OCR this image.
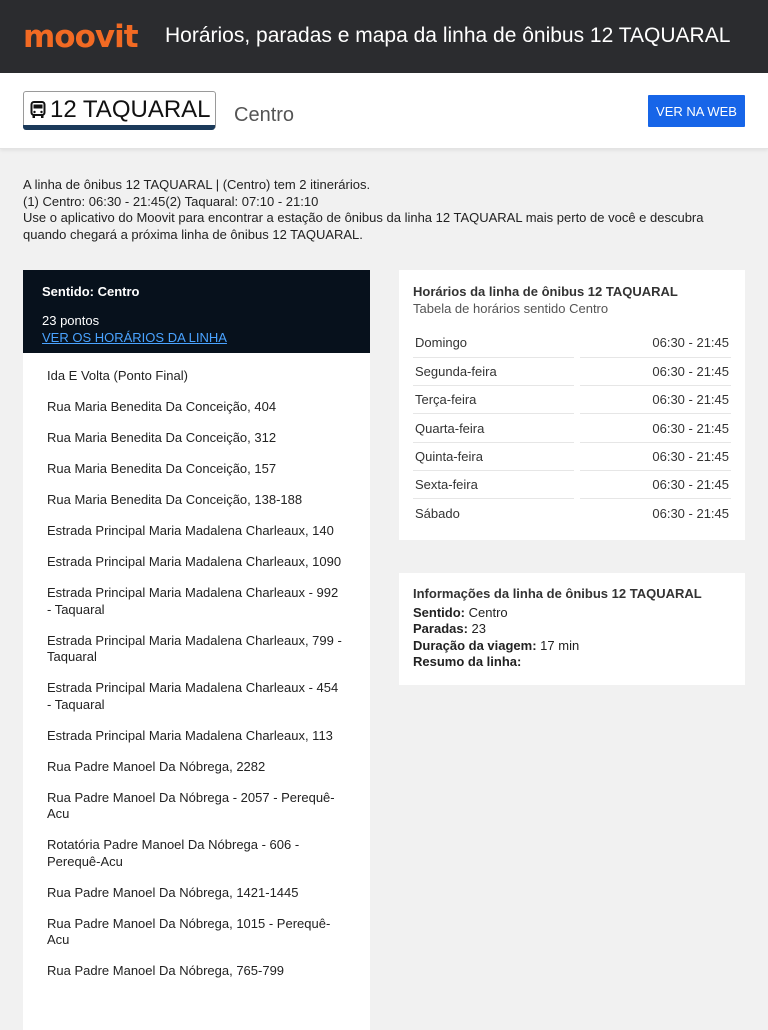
moovit Horários, paradas e mapa da linha de ônibus 12 TAQUARAL
12 TAQUARAL Centro	VER NA WEB

A linha de ônibus 12 TAQUARAL | (Centro) tem 2 itinerários.

(1) Centro: 06:30 - 21:45(2) Taquaral: 07:10 - 21:10

Use o aplicativo do Moovit para encontrar a estação de ônibus da linha 12 TAQUARAL mais perto de você e descubra quando chegará a próxima linha de ônibus 12 TAQUARAL.

Sentido: Centro
23 pontos
VER OS HORÁRIOS DA LINHA
Ida E Volta (Ponto Final)
Rua Maria Benedita Da Conceição, 404
Rua Maria Benedita Da Conceição, 312
Rua Maria Benedita Da Conceição, 157
Rua Maria Benedita Da Conceição, 138-188
Estrada Principal Maria Madalena Charleaux, 140
Estrada Principal Maria Madalena Charleaux, 1090
Estrada Principal Maria Madalena Charleaux - 992 - Taquaral
Estrada Principal Maria Madalena Charleaux, 799 - Taquaral
Estrada Principal Maria Madalena Charleaux - 454 - Taquaral
Estrada Principal Maria Madalena Charleaux, 113
Rua Padre Manoel Da Nóbrega, 2282
Rua Padre Manoel Da Nóbrega - 2057 - Perequê-Acu
Rotatória Padre Manoel Da Nóbrega - 606 - Perequê-Acu
Rua Padre Manoel Da Nóbrega, 1421-1445
Rua Padre Manoel Da Nóbrega, 1015 - Perequê-Acu
Rua Padre Manoel Da Nóbrega, 765-799
Horários da linha de ônibus 12 TAQUARAL
Tabela de horários sentido Centro
Domingo		06:30 - 21:45
Segunda-feira		06:30 - 21:45
Terça-feira		06:30 - 21:45
Quarta-feira		06:30 - 21:45
Quinta-feira		06:30 - 21:45
Sexta-feira		06:30 - 21:45
Sábado		06:30 - 21:45
Informações da linha de ônibus 12 TAQUARAL
Sentido: Centro
Paradas: 23
Duração da viagem: 17 min
Resumo da linha:
